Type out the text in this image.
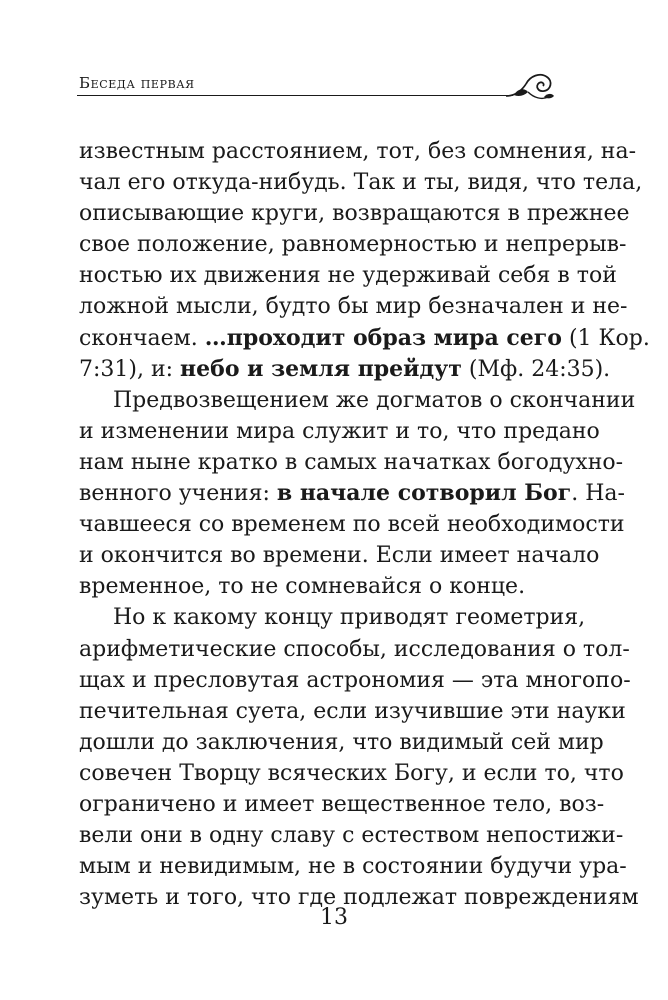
Беседа первая
известным расстоянием, тот, без сомнения, на-
чал его откуда-нибудь. Так и ты, видя, что тела,
описывающие круги, возвращаются в прежнее
свое положение, равномерностью и непрерыв-
ностью их движения не удерживай себя в той
ложной мысли, будто бы мир безначален и не-
скончаем. …проходит образ мира сего (1 Кор.
7:31), и: небо и земля прейдут (Мф. 24:35).
Предвозвещением же догматов о скончании
и изменении мира служит и то, что предано
нам ныне кратко в самых начатках богодухно-
венного учения: в начале сотворил Бог. На-
чавшееся со временем по всей необходимости
и окончится во времени. Если имеет начало
временное, то не сомневайся о конце.
Но к какому концу приводят геометрия,
арифметические способы, исследования о тол-
щах и пресловутая астрономия — эта многопо-
печительная суета, если изучившие эти науки
дошли до заключения, что видимый сей мир
совечен Творцу всяческих Богу, и если то, что
ограничено и имеет вещественное тело, воз-
вели они в одну славу с естеством непостижи-
мым и невидимым, не в состоянии будучи ура-
зуметь и того, что где подлежат повреждениям
13
